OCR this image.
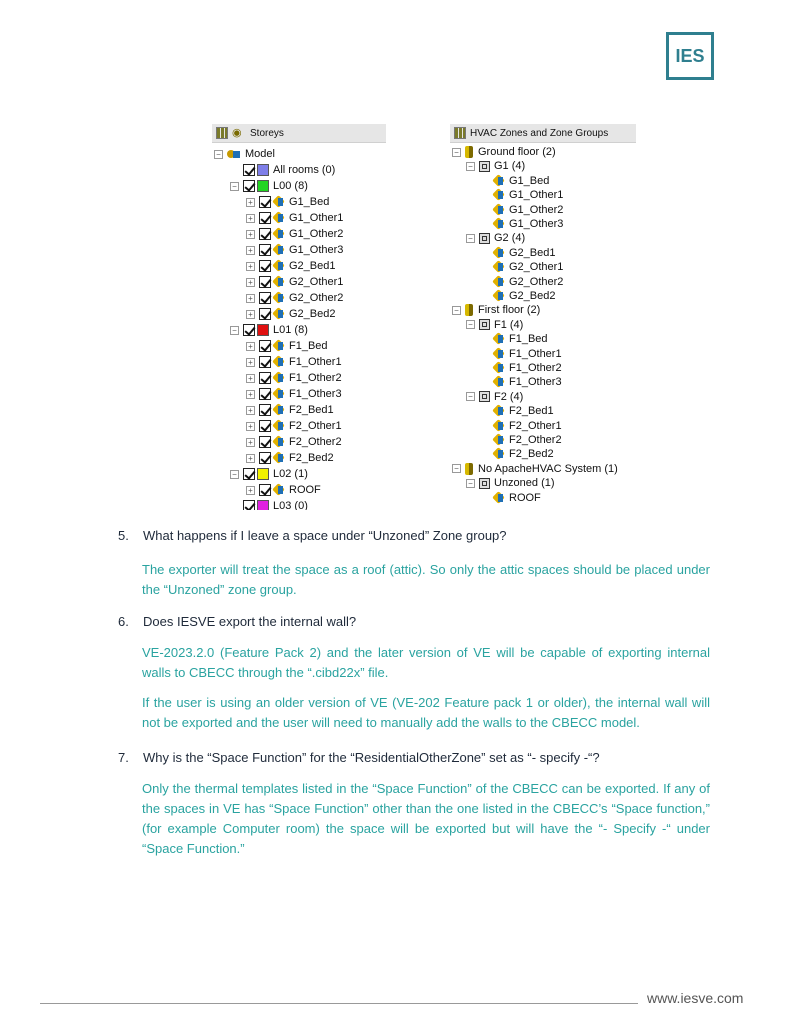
IES
◉ Storeys
− Model
All rooms (0)
−	L00 (8)
+	G1_Bed
+	G1_Other1
+	G1_Other2
+	G1_Other3
+	G2_Bed1
+	G2_Other1
+	G2_Other2
+	G2_Bed2
−	L01 (8)
+	F1_Bed
+	F1_Other1
+	F1_Other2
+	F1_Other3
+	F2_Bed1
+	F2_Other1
+	F2_Other2
+	F2_Bed2
−	L02 (1)
+	ROOF
L03 (0)
HVAC Zones and Zone Groups
− Ground floor (2)
− G1 (4)
G1_Bed
G1_Other1
G1_Other2
G1_Other3
− G2 (4)
G2_Bed1
G2_Other1
G2_Other2
G2_Bed2
− First floor (2)
− F1 (4)
F1_Bed
F1_Other1
F1_Other2
F1_Other3
− F2 (4)
F2_Bed1
F2_Other1
F2_Other2
F2_Bed2
− No ApacheHVAC System (1)
− Unzoned (1)
ROOF
5. What happens if I leave a space under “Unzoned” Zone group?
The exporter will treat the space as a roof (attic). So only the attic spaces should be placed under the “Unzoned” zone group.
6. Does IESVE export the internal wall?
VE-2023.2.0 (Feature Pack 2) and the later version of VE will be capable of exporting internal walls to CBECC through the “.cibd22x” file.
If the user is using an older version of VE (VE-202 Feature pack 1 or older), the internal wall will not be exported and the user will need to manually add the walls to the CBECC model.
7. Why is the “Space Function” for the “ResidentialOtherZone” set as “- specify -“?
Only the thermal templates listed in the “Space Function” of the CBECC can be exported. If any of the spaces in VE has “Space Function” other than the one listed in the CBECC’s “Space function,” (for example Computer room) the space will be exported but will have the “- Specify -“ under “Space Function.”
www.iesve.com
